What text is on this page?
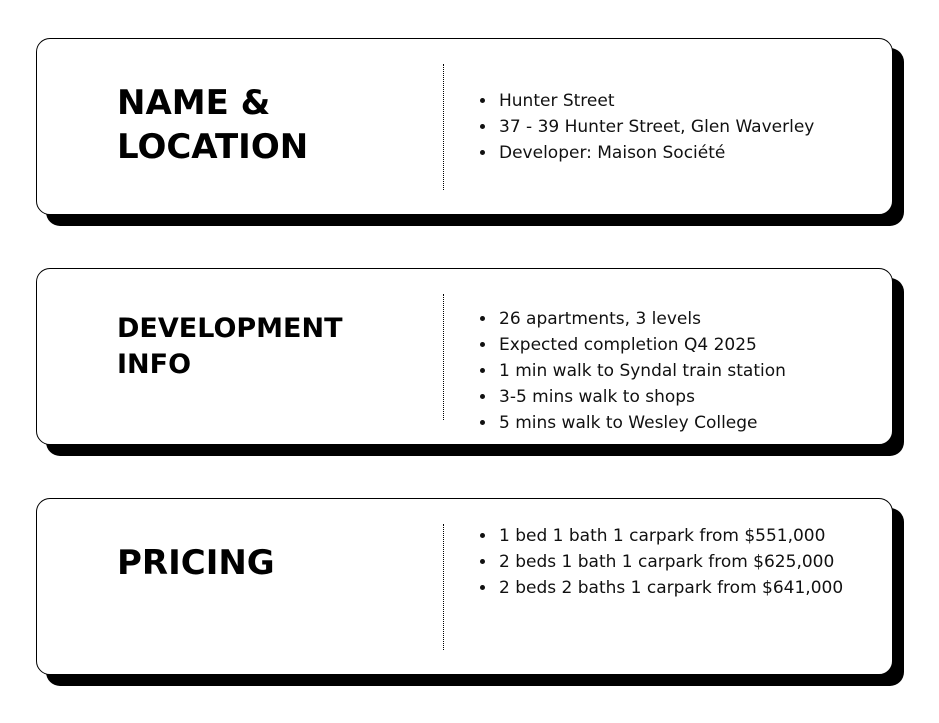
NAME &
LOCATION
• Hunter Street
• 37 - 39 Hunter Street, Glen Waverley
• Developer: Maison Société
DEVELOPMENT
INFO
• 26 apartments, 3 levels
• Expected completion Q4 2025
• 1 min walk to Syndal train station
• 3-5 mins walk to shops
• 5 mins walk to Wesley College
PRICING
• 1 bed 1 bath 1 carpark from $551,000
• 2 beds 1 bath 1 carpark from $625,000
• 2 beds 2 baths 1 carpark from $641,000
